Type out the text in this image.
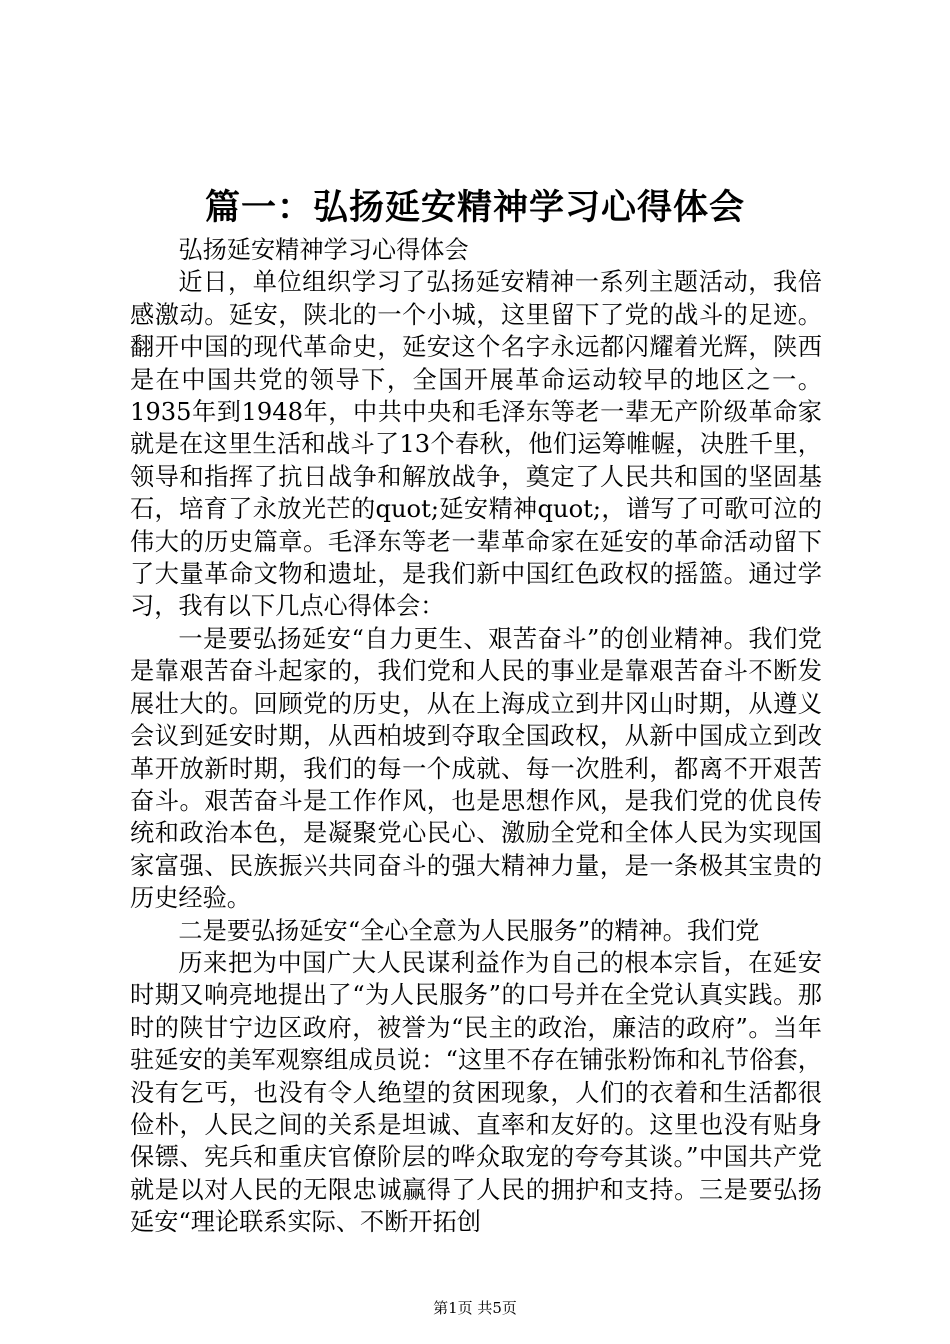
篇一：弘扬延安精神学习心得体会

弘扬延安精神学习心得体会

近日，单位组织学习了弘扬延安精神一系列主题活动，我倍感激动。延安，陕北的一个小城，这里留下了党的战斗的足迹。翻开中国的现代革命史，延安这个名字永远都闪耀着光辉，陕西是在中国共党的领导下，全国开展革命运动较早的地区之一。1935年到1948年，中共中央和毛泽东等老一辈无产阶级革命家就是在这里生活和战斗了13个春秋，他们运筹帷幄，决胜千里，领导和指挥了抗日战争和解放战争，奠定了人民共和国的坚固基石，培育了永放光芒的quot;延安精神quot;，谱写了可歌可泣的伟大的历史篇章。毛泽东等老一辈革命家在延安的革命活动留下了大量革命文物和遗址，是我们新中国红色政权的摇篮。通过学习，我有以下几点心得体会：

一是要弘扬延安“自力更生、艰苦奋斗”的创业精神。我们党是靠艰苦奋斗起家的，我们党和人民的事业是靠艰苦奋斗不断发展壮大的。回顾党的历史，从在上海成立到井冈山时期，从遵义会议到延安时期，从西柏坡到夺取全国政权，从新中国成立到改革开放新时期，我们的每一个成就、每一次胜利，都离不开艰苦奋斗。艰苦奋斗是工作作风，也是思想作风，是我们党的优良传统和政治本色，是凝聚党心民心、激励全党和全体人民为实现国家富强、民族振兴共同奋斗的强大精神力量，是一条极其宝贵的历史经验。

二是要弘扬延安“全心全意为人民服务”的精神。我们党

历来把为中国广大人民谋利益作为自己的根本宗旨，在延安时期又响亮地提出了“为人民服务”的口号并在全党认真实践。那时的陕甘宁边区政府，被誉为“民主的政治，廉洁的政府”。当年驻延安的美军观察组成员说：“这里不存在铺张粉饰和礼节俗套，没有乞丐，也没有令人绝望的贫困现象，人们的衣着和生活都很俭朴，人民之间的关系是坦诚、直率和友好的。这里也没有贴身保镖、宪兵和重庆官僚阶层的哗众取宠的夸夸其谈。”中国共产党就是以对人民的无限忠诚赢得了人民的拥护和支持。三是要弘扬延安“理论联系实际、不断开拓创

第1页 共5页
